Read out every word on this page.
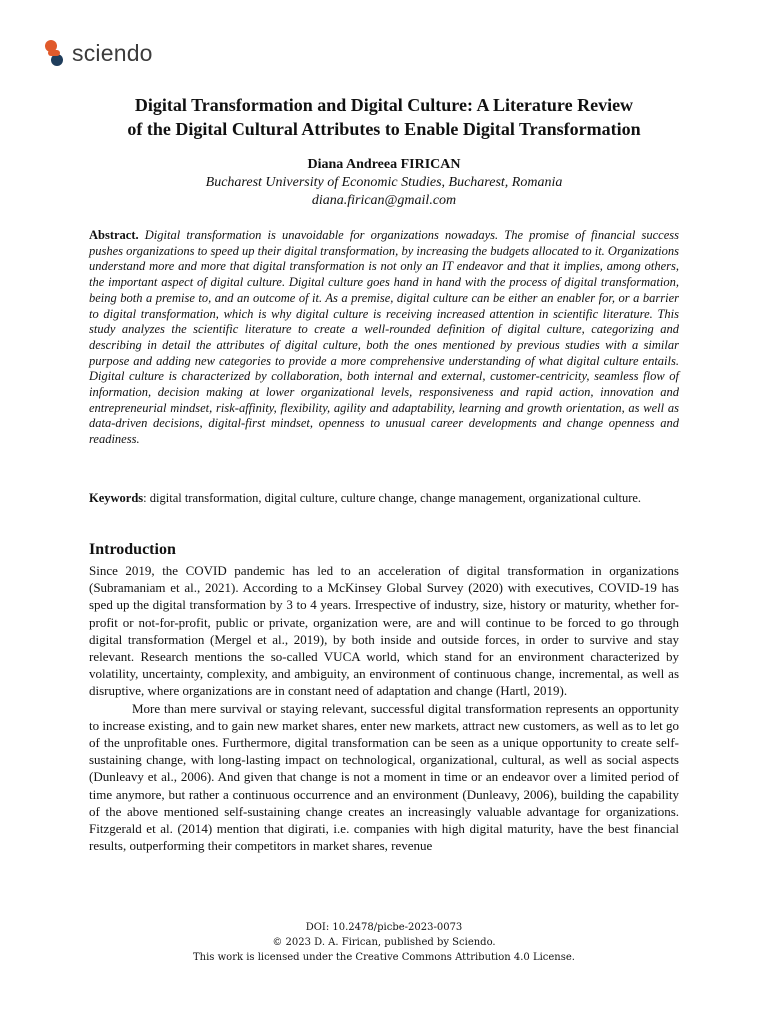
sciendo
Digital Transformation and Digital Culture: A Literature Review
of the Digital Cultural Attributes to Enable Digital Transformation
Diana Andreea FIRICAN
Bucharest University of Economic Studies, Bucharest, Romania
diana.firican@gmail.com
Abstract. Digital transformation is unavoidable for organizations nowadays. The promise of financial success pushes organizations to speed up their digital transformation, by increasing the budgets allocated to it. Organizations understand more and more that digital transformation is not only an IT endeavor and that it implies, among others, the important aspect of digital culture. Digital culture goes hand in hand with the process of digital transformation, being both a premise to, and an outcome of it. As a premise, digital culture can be either an enabler for, or a barrier to digital transformation, which is why digital culture is receiving increased attention in scientific literature. This study analyzes the scientific literature to create a well-rounded definition of digital culture, categorizing and describing in detail the attributes of digital culture, both the ones mentioned by previous studies with a similar purpose and adding new categories to provide a more comprehensive understanding of what digital culture entails. Digital culture is characterized by collaboration, both internal and external, customer-centricity, seamless flow of information, decision making at lower organizational levels, responsiveness and rapid action, innovation and entrepreneurial mindset, risk-affinity, flexibility, agility and adaptability, learning and growth orientation, as well as data-driven decisions, digital-first mindset, openness to unusual career developments and change openness and readiness.
Keywords: digital transformation, digital culture, culture change, change management, organizational culture.
Introduction

Since 2019, the COVID pandemic has led to an acceleration of digital transformation in organizations (Subramaniam et al., 2021). According to a McKinsey Global Survey (2020) with executives, COVID-19 has sped up the digital transformation by 3 to 4 years. Irrespective of industry, size, history or maturity, whether for-profit or not-for-profit, public or private, organization were, are and will continue to be forced to go through digital transformation (Mergel et al., 2019), by both inside and outside forces, in order to survive and stay relevant. Research mentions the so-called VUCA world, which stand for an environment characterized by volatility, uncertainty, complexity, and ambiguity, an environment of continuous change, incremental, as well as disruptive, where organizations are in constant need of adaptation and change (Hartl, 2019).

More than mere survival or staying relevant, successful digital transformation represents an opportunity to increase existing, and to gain new market shares, enter new markets, attract new customers, as well as to let go of the unprofitable ones. Furthermore, digital transformation can be seen as a unique opportunity to create self-sustaining change, with long-lasting impact on technological, organizational, cultural, as well as social aspects (Dunleavy et al., 2006). And given that change is not a moment in time or an endeavor over a limited period of time anymore, but rather a continuous occurrence and an environment (Dunleavy, 2006), building the capability of the above mentioned self-sustaining change creates an increasingly valuable advantage for organizations. Fitzgerald et al. (2014) mention that digirati, i.e. companies with high digital maturity, have the best financial results, outperforming their competitors in market shares, revenue

DOI: 10.2478/picbe-2023-0073
© 2023 D. A. Firican, published by Sciendo.
This work is licensed under the Creative Commons Attribution 4.0 License.
